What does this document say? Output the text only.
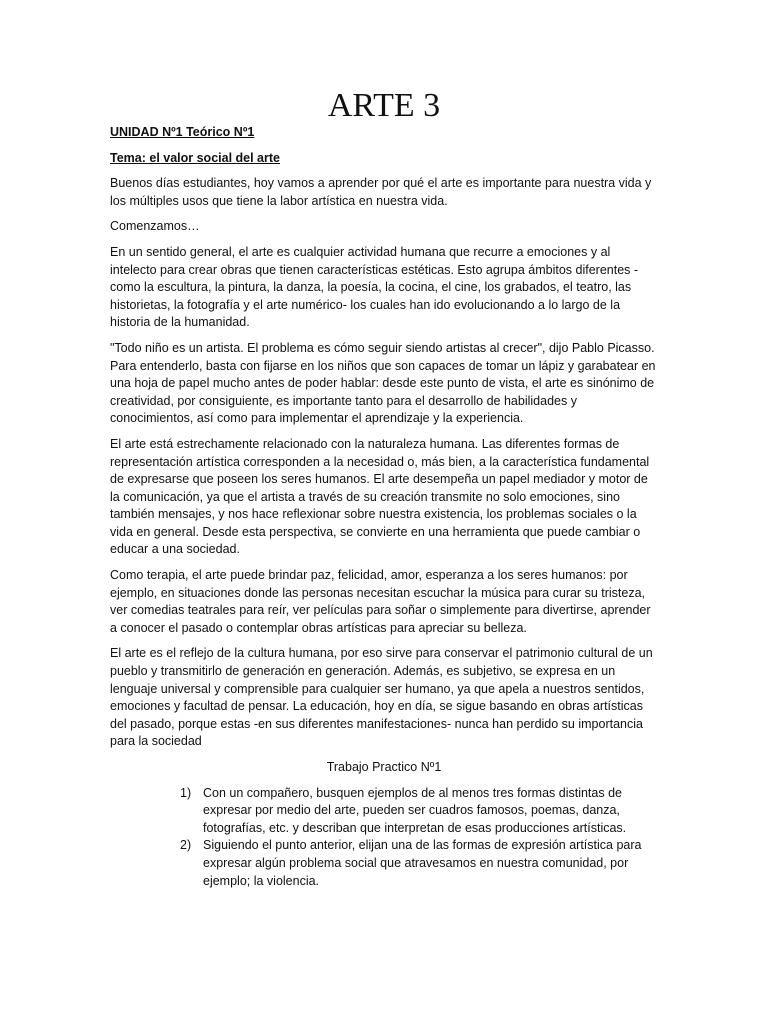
ARTE 3

UNIDAD Nº1 Teórico Nº1

Tema: el valor social del arte

Buenos días estudiantes, hoy vamos a aprender por qué el arte es importante para nuestra vida y los múltiples usos que tiene la labor artística en nuestra vida.

Comenzamos…

En un sentido general, el arte es cualquier actividad humana que recurre a emociones y al intelecto para crear obras que tienen características estéticas. Esto agrupa ámbitos diferentes -como la escultura, la pintura, la danza, la poesía, la cocina, el cine, los grabados, el teatro, las historietas, la fotografía y el arte numérico- los cuales han ido evolucionando a lo largo de la historia de la humanidad.

"Todo niño es un artista. El problema es cómo seguir siendo artistas al crecer", dijo Pablo Picasso. Para entenderlo, basta con fijarse en los niños que son capaces de tomar un lápiz y garabatear en una hoja de papel mucho antes de poder hablar: desde este punto de vista, el arte es sinónimo de creatividad, por consiguiente, es importante tanto para el desarrollo de habilidades y conocimientos, así como para implementar el aprendizaje y la experiencia.

El arte está estrechamente relacionado con la naturaleza humana. Las diferentes formas de representación artística corresponden a la necesidad o, más bien, a la característica fundamental de expresarse que poseen los seres humanos. El arte desempeña un papel mediador y motor de la comunicación, ya que el artista a través de su creación transmite no solo emociones, sino también mensajes, y nos hace reflexionar sobre nuestra existencia, los problemas sociales o la vida en general. Desde esta perspectiva, se convierte en una herramienta que puede cambiar o educar a una sociedad.

Como terapia, el arte puede brindar paz, felicidad, amor, esperanza a los seres humanos: por ejemplo, en situaciones donde las personas necesitan escuchar la música para curar su tristeza, ver comedias teatrales para reír, ver películas para soñar o simplemente para divertirse, aprender a conocer el pasado o contemplar obras artísticas para apreciar su belleza.

El arte es el reflejo de la cultura humana, por eso sirve para conservar el patrimonio cultural de un pueblo y transmitirlo de generación en generación. Además, es subjetivo, se expresa en un lenguaje universal y comprensible para cualquier ser humano, ya que apela a nuestros sentidos, emociones y facultad de pensar. La educación, hoy en día, se sigue basando en obras artísticas del pasado, porque estas -en sus diferentes manifestaciones- nunca han perdido su importancia para la sociedad

Trabajo Practico Nº1

1) Con un compañero, busquen ejemplos de al menos tres formas distintas de expresar por medio del arte, pueden ser cuadros famosos, poemas, danza, fotografías, etc. y describan que interpretan de esas producciones artísticas.
2) Siguiendo el punto anterior, elijan una de las formas de expresión artística para expresar algún problema social que atravesamos en nuestra comunidad, por ejemplo; la violencia.
